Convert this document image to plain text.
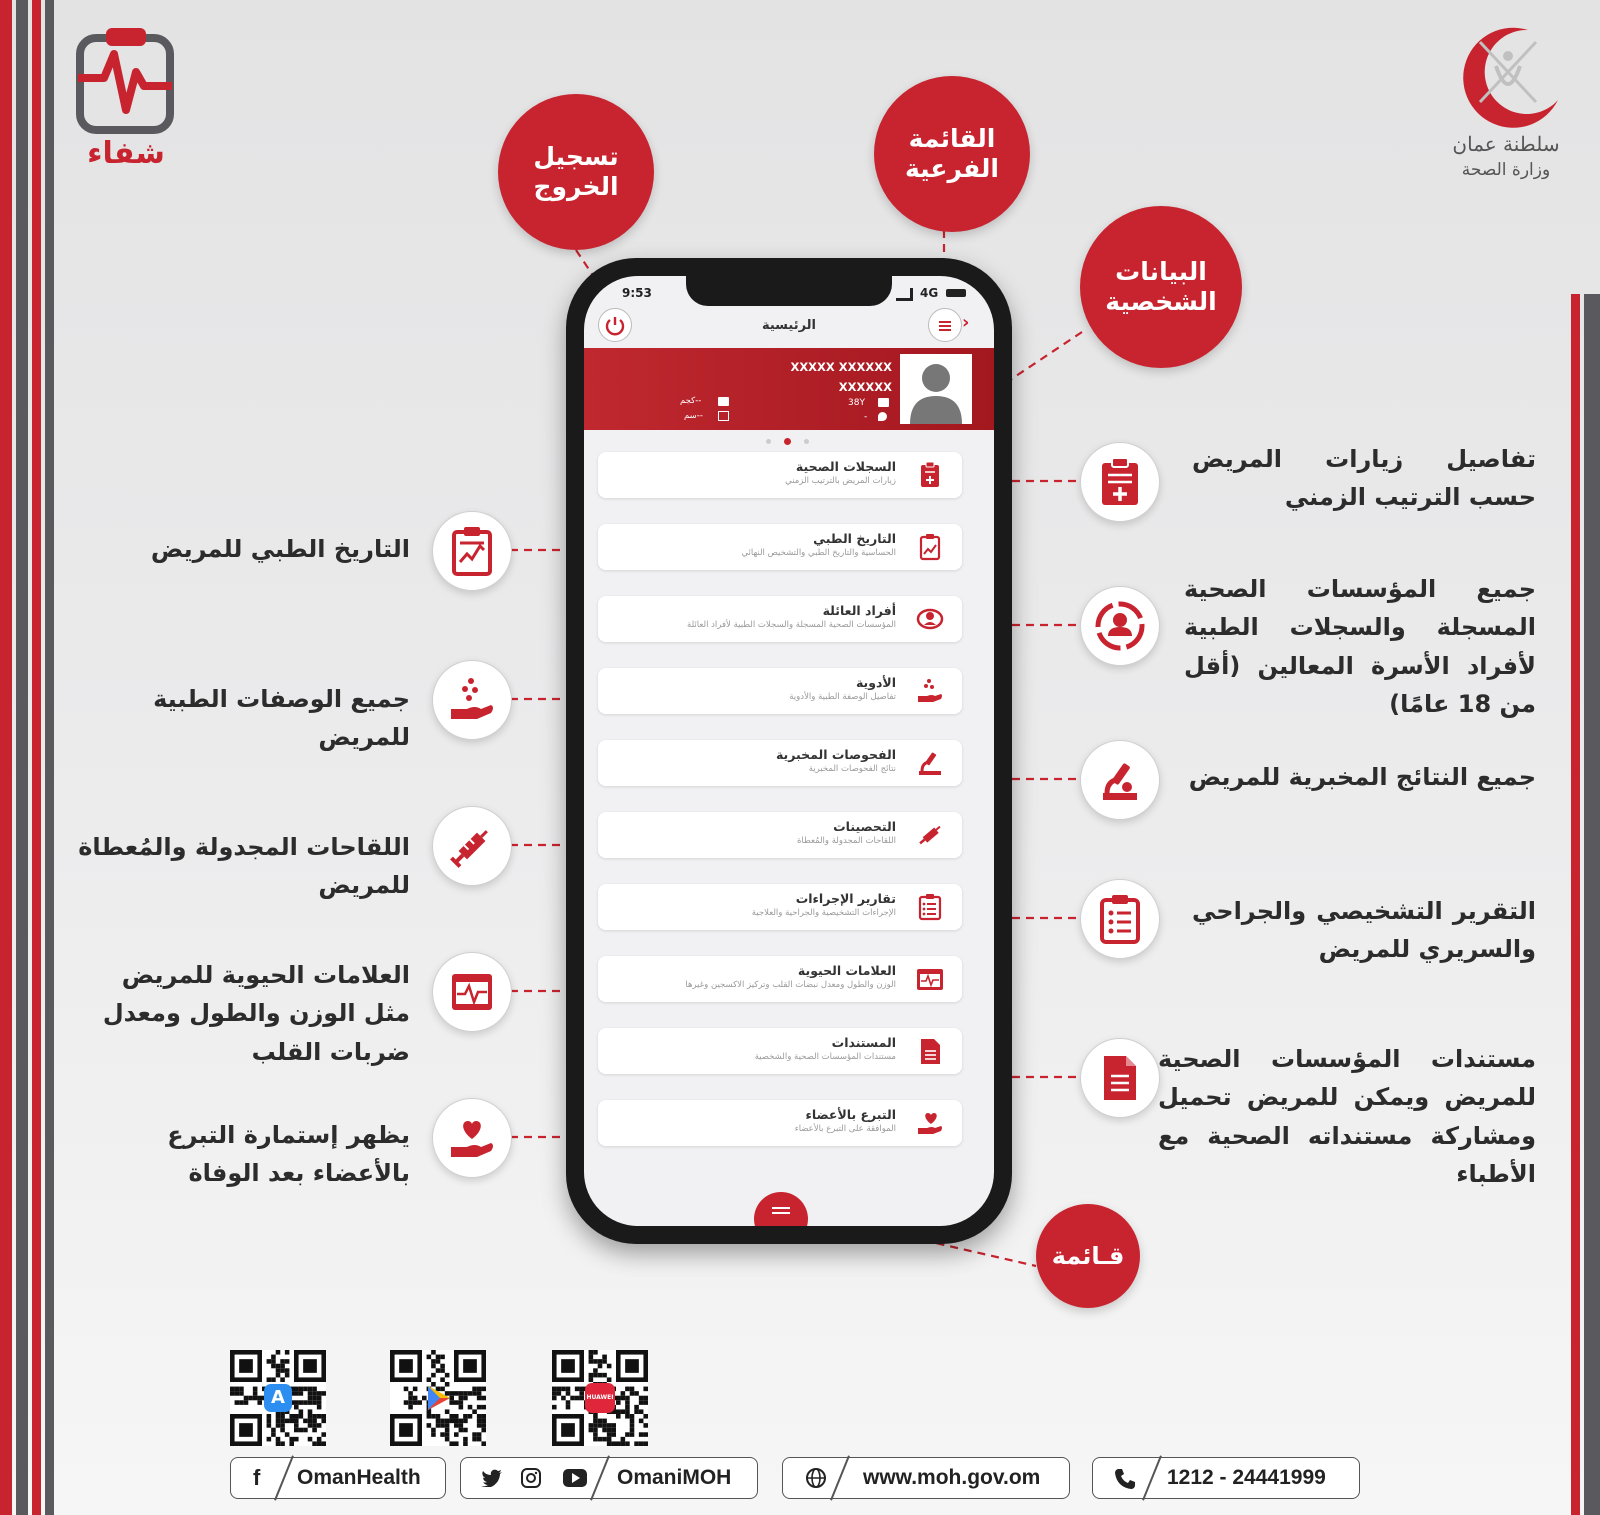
شفاء	سلطنة عمان
وزارة الصحة
تسجيل الخروج
القائمة الفرعية
البيانات الشخصية
قـائمة
9:53	4G
الرئيسية	›
XXXXX XXXXXX
XXXXXX
38Y
-
--كجم
--سم
السجلات الصحية
زيارات المريض بالترتيب الزمني
التاريخ الطبي
الحساسية والتاريخ الطبي والتشخيص النهائي
أفراد العائلة
المؤسسات الصحية المسجلة والسجلات الطبية لأفراد العائلة
الأدوية
تفاصيل الوصفة الطبية والأدوية
الفحوصات المخبرية
نتائج الفحوصات المخبرية
التحصينات
اللقاحات المجدولة والمُعطاة
تقارير الإجراءات
الإجراءات التشخيصية والجراحية والعلاجية
العلامات الحيوية
الوزن والطول ومعدل نبضات القلب وتركيز الاكسجين وغيرها
المستندات
مستندات المؤسسات الصحية والشخصية
التبرع بالأعضاء
الموافقة على التبرع بالأعضاء
تفاصيل زيارات المريض حسب الترتيب الزمني
جميع المؤسسات الصحية المسجلة والسجلات الطبية لأفراد الأسرة المعالين (أقل من 18 عامًا)
جميع النتائج المخبرية للمريض
التقرير التشخيصي والجراحي والسريري للمريض
مستندات المؤسسات الصحية للمريض ويمكن للمريض تحميل ومشاركة مستنداته الصحية مع الأطباء
التاريخ الطبي للمريض
جميع الوصفات الطبية للمريض
اللقاحات المجدولة والمُعطاة للمريض
العلامات الحيوية للمريض مثل الوزن والطول ومعدل ضربات القلب
يظهر إستمارة التبرع بالأعضاء بعد الوفاة
A	HUAWEI
f OmanHealth	OmaniMOH	www.moh.gov.om	1212 - 24441999
